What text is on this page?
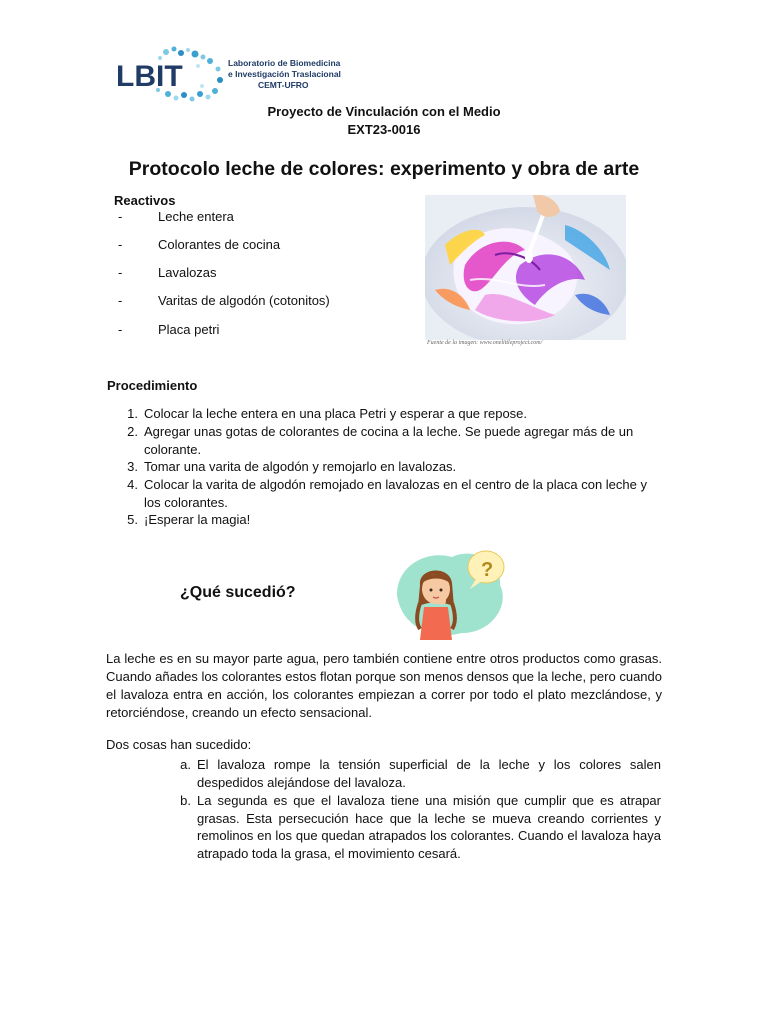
LBIT	Laboratorio de Biomedicina
e Investigación Traslacional
CEMT-UFRO
Proyecto de Vinculación con el Medio
EXT23-0016
Protocolo leche de colores: experimento y obra de arte
Reactivos
-	Leche entera
-	Colorantes de cocina
-	Lavalozas
-	Varitas de algodón (cotonitos)
-	Placa petri
Fuente de la imagen: www.onelittleproject.com/
Procedimiento
1. Colocar la leche entera en una placa Petri y esperar a que repose.
2. Agregar unas gotas de colorantes de cocina a la leche. Se puede agregar más de un colorante.
3. Tomar una varita de algodón y remojarlo en lavalozas.
4. Colocar la varita de algodón remojado en lavalozas en el centro de la placa con leche y los colorantes.
5. ¡Esperar la magia!
¿Qué sucedió?
?
La leche es en su mayor parte agua, pero también contiene entre otros productos como grasas. Cuando añades los colorantes estos flotan porque son menos densos que la leche, pero cuando el lavaloza entra en acción, los colorantes empiezan a correr por todo el plato mezclándose, y retorciéndose, creando un efecto sensacional.
Dos cosas han sucedido:
a. El lavaloza rompe la tensión superficial de la leche y los colores salen despedidos alejándose del lavaloza.
b. La segunda es que el lavaloza tiene una misión que cumplir que es atrapar grasas. Esta persecución hace que la leche se mueva creando corrientes y remolinos en los que quedan atrapados los colorantes. Cuando el lavaloza haya atrapado toda la grasa, el movimiento cesará.
